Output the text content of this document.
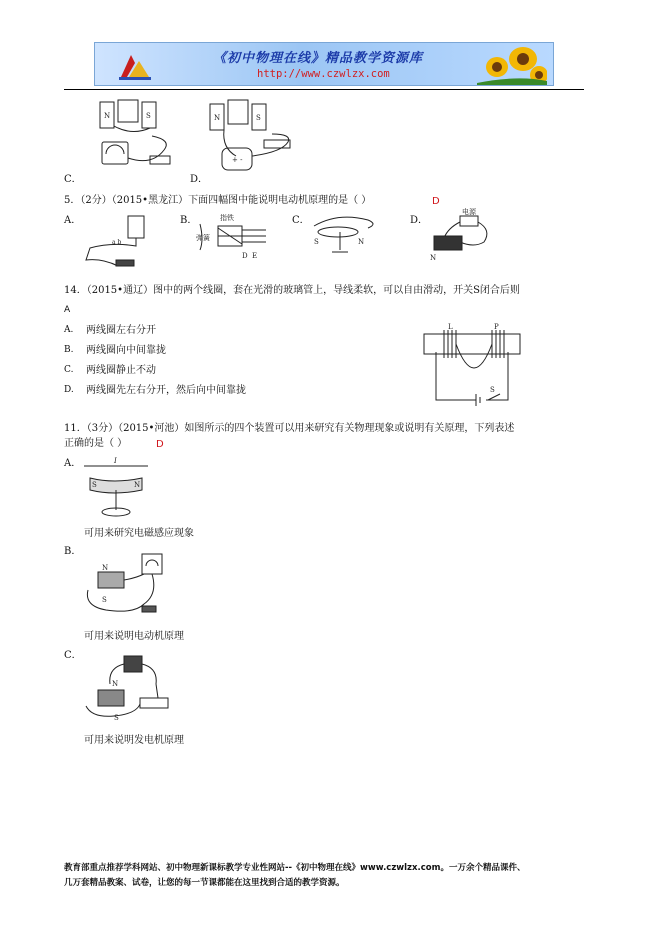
《初中物理在线》精品教学资源库
http://www.czwlzx.com
N	S	N	S
+ -
C．	D．
5．（2分）（2015•黑龙江）下面四幅图中能说明电动机原理的是（ ）	D
A．
a b
B．	指铁
弹簧
D E
C．
S	N
D．
电源
N
14．（2015•通辽）图中的两个线圈，套在光滑的玻璃管上，导线柔软，可以自由滑动，开关S闭合后则
A
A. 两线圈左右分开
B. 两线圈向中间靠拢
C. 两线圈静止不动
D. 两线圈先左右分开，然后向中间靠拢
L	P
S
11．（3分）（2015•河池）如图所示的四个装置可以用来研究有关物理现象或说明有关原理，下列表述
正确的是（ ）	D
A．	I
S	N
可用来研究电磁感应现象
B．
N
S
可用来说明电动机原理
C．
N
S
可用来说明发电机原理
教育部重点推荐学科网站、初中物理新课标教学专业性网站--《初中物理在线》www.czwlzx.com。一万余个精品课件、
几万套精品教案、试卷，让您的每一节课都能在这里找到合适的教学资源。
